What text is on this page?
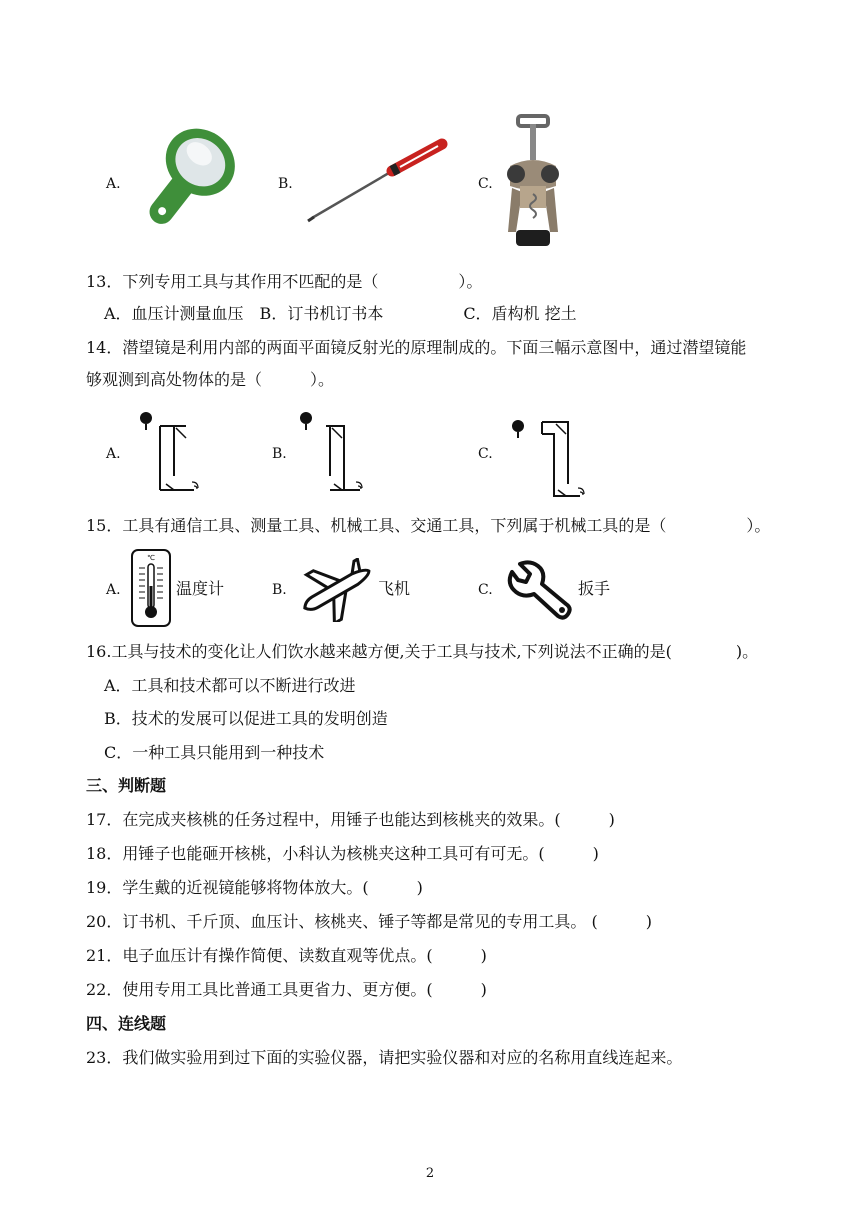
A.	B.	C.
13．下列专用工具与其作用不匹配的是（　　　　　）。
A．血压计测量血压　B．订书机订书本　　　　　C．盾构机 挖土
14．潜望镜是利用内部的两面平面镜反射光的原理制成的。下面三幅示意图中，通过潜望镜能
够观测到高处物体的是（　　　）。
A.	B.	C.
15．工具有通信工具、测量工具、机械工具、交通工具，下列属于机械工具的是（　　　　　）。
A.
℃
温度计	B.	飞机	C.	扳手
16.工具与技术的变化让人们饮水越来越方便,关于工具与技术,下列说法不正确的是(　　　　)。
A．工具和技术都可以不断进行改进
B．技术的发展可以促进工具的发明创造
C．一种工具只能用到一种技术
三、判断题
17．在完成夹核桃的任务过程中，用锤子也能达到核桃夹的效果。(　　　)
18．用锤子也能砸开核桃，小科认为核桃夹这种工具可有可无。(　　　)
19．学生戴的近视镜能够将物体放大。(　　　)
20．订书机、千斤顶、血压计、核桃夹、锤子等都是常见的专用工具。 (　　　)
21．电子血压计有操作简便、读数直观等优点。(　　　)
22．使用专用工具比普通工具更省力、更方便。(　　　)
四、连线题
23．我们做实验用到过下面的实验仪器，请把实验仪器和对应的名称用直线连起来。
2
